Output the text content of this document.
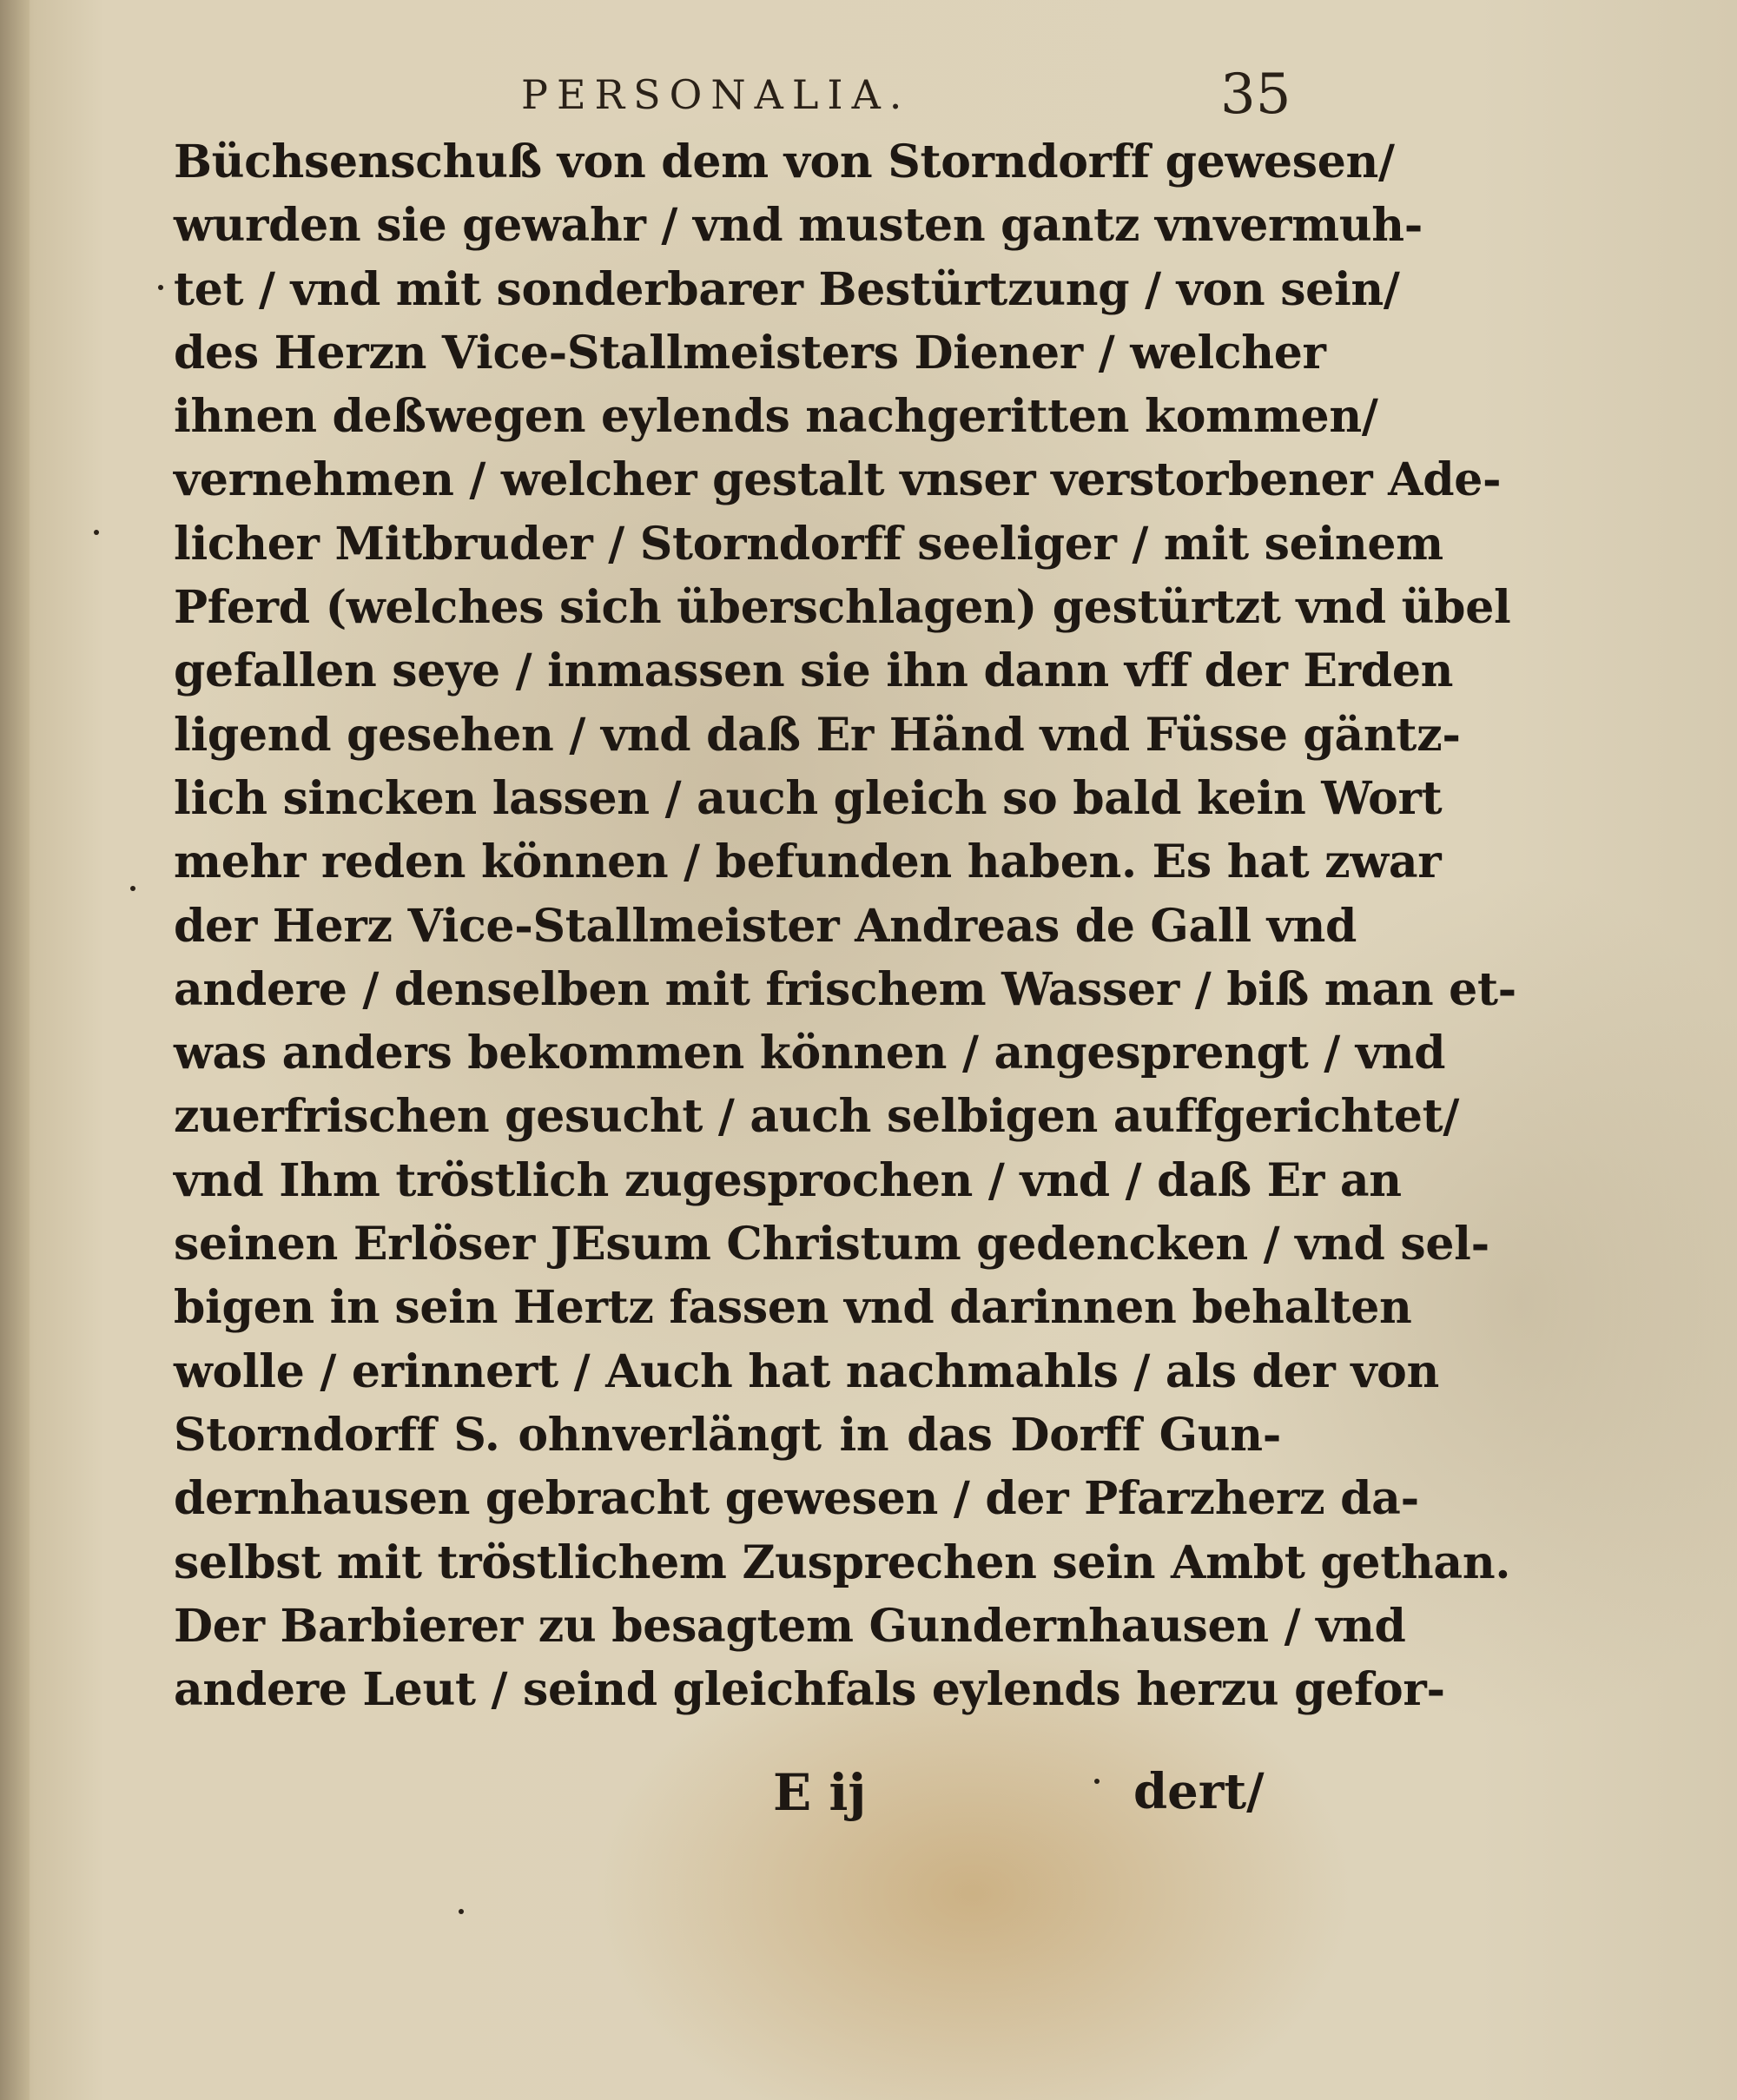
PERSONALIA.	35
Büchsenschuß von dem von Storndorff gewesen/
wurden sie gewahr / vnd musten gantz vnvermuh-
tet / vnd mit sonderbarer Bestürtzung / von sein/
des Herzn Vice-Stallmeisters Diener / welcher
ihnen deßwegen eylends nachgeritten kommen/
vernehmen / welcher gestalt vnser verstorbener Ade-
licher Mitbruder / Storndorff seeliger / mit seinem
Pferd (welches sich überschlagen) gestürtzt vnd übel
gefallen seye / inmassen sie ihn dann vff der Erden
ligend gesehen / vnd daß Er Händ vnd Füsse gäntz-
lich sincken lassen / auch gleich so bald kein Wort
mehr reden können / befunden haben. Es hat zwar
der Herz Vice-Stallmeister Andreas de Gall vnd
andere / denselben mit frischem Wasser / biß man et-
was anders bekommen können / angesprengt / vnd
zuerfrischen gesucht / auch selbigen auffgerichtet/
vnd Ihm tröstlich zugesprochen / vnd / daß Er an
seinen Erlöser JEsum Christum gedencken / vnd sel-
bigen in sein Hertz fassen vnd darinnen behalten
wolle / erinnert / Auch hat nachmahls / als der von
Storndorff S. ohnverlängt in das Dorff Gun-
dernhausen gebracht gewesen / der Pfarzherz da-
selbst mit tröstlichem Zusprechen sein Ambt gethan.
Der Barbierer zu besagtem Gundernhausen / vnd
andere Leut / seind gleichfals eylends herzu gefor-
E ij	dert/
